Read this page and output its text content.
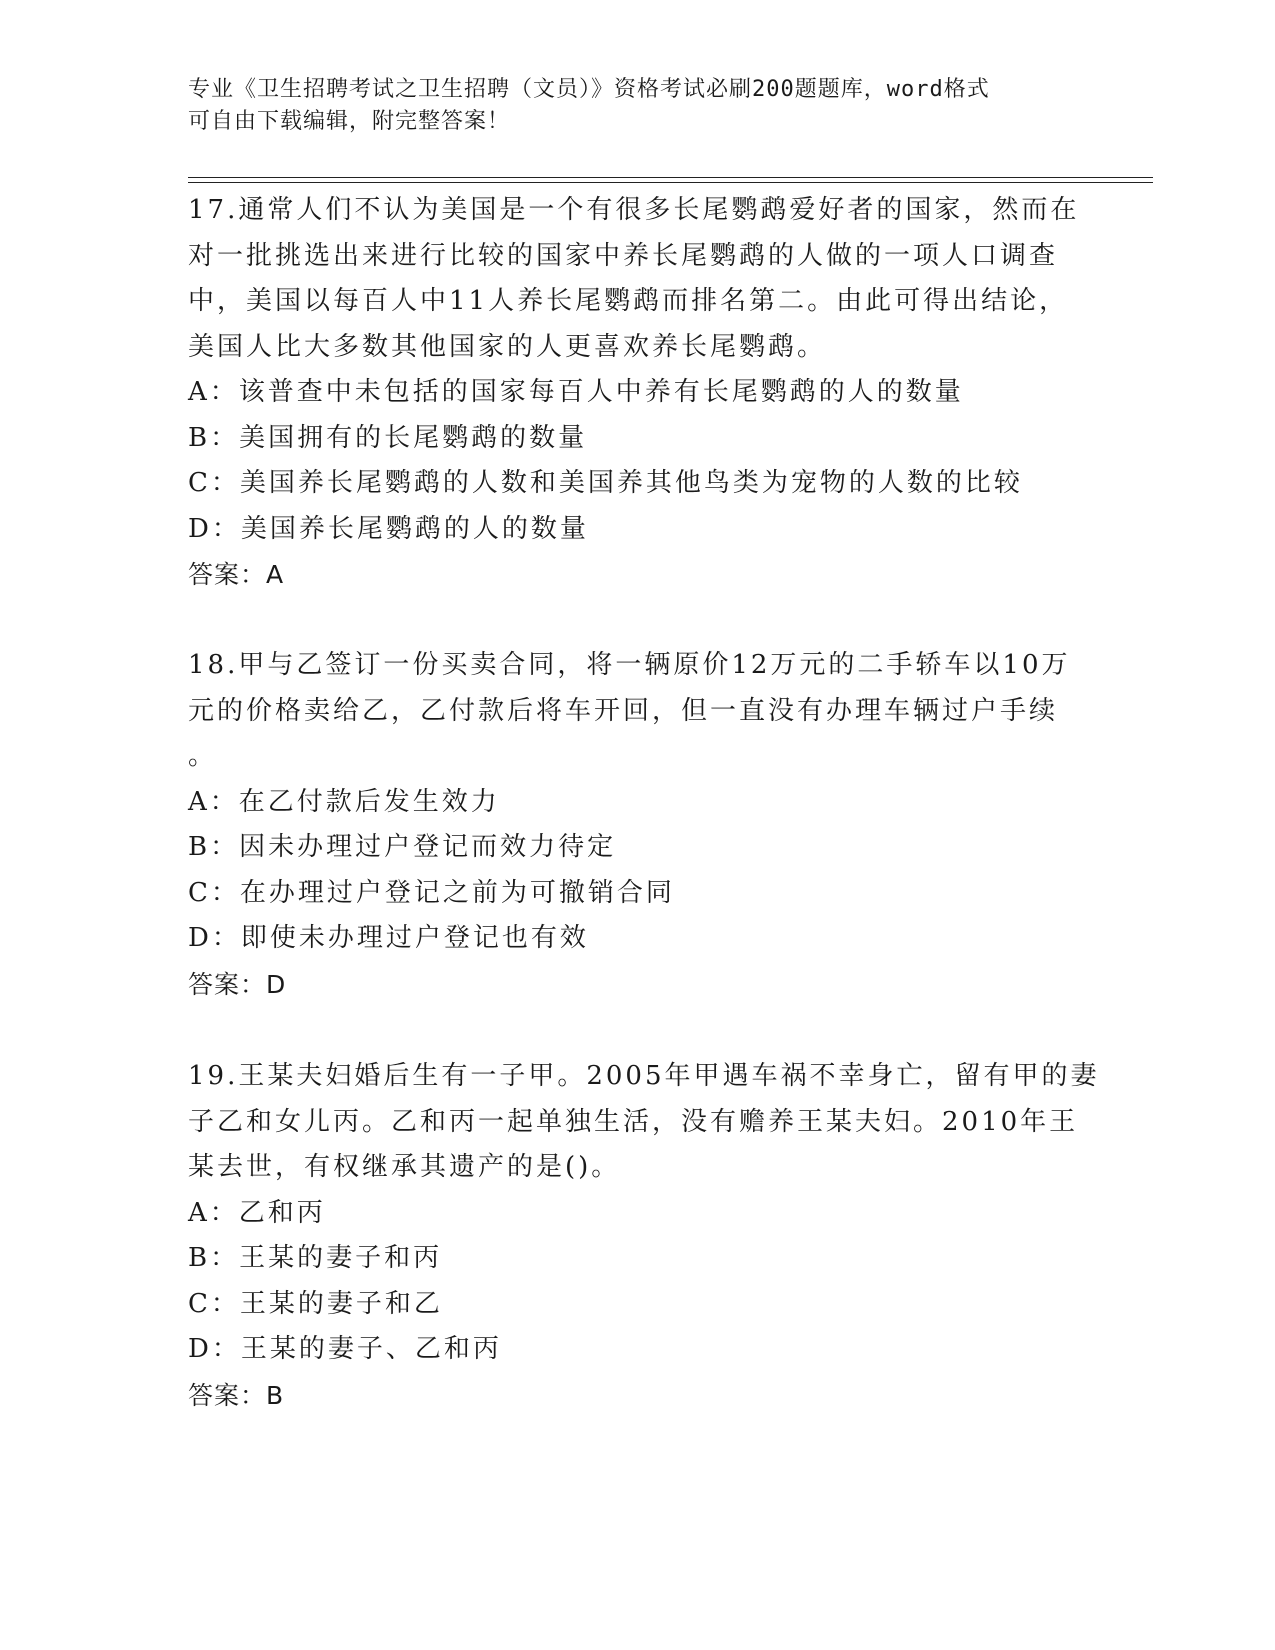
专业《卫生招聘考试之卫生招聘（文员）》资格考试必刷200题题库，word格式
可自由下载编辑，附完整答案！
17.通常人们不认为美国是一个有很多长尾鹦鹉爱好者的国家，然而在
对一批挑选出来进行比较的国家中养长尾鹦鹉的人做的一项人口调查
中，美国以每百人中11人养长尾鹦鹉而排名第二。由此可得出结论，
美国人比大多数其他国家的人更喜欢养长尾鹦鹉。
A：该普查中未包括的国家每百人中养有长尾鹦鹉的人的数量
B：美国拥有的长尾鹦鹉的数量
C：美国养长尾鹦鹉的人数和美国养其他鸟类为宠物的人数的比较
D：美国养长尾鹦鹉的人的数量
答案：A
18.甲与乙签订一份买卖合同，将一辆原价12万元的二手轿车以10万
元的价格卖给乙，乙付款后将车开回，但一直没有办理车辆过户手续
。
A：在乙付款后发生效力
B：因未办理过户登记而效力待定
C：在办理过户登记之前为可撤销合同
D：即使未办理过户登记也有效
答案：D
19.王某夫妇婚后生有一子甲。2005年甲遇车祸不幸身亡，留有甲的妻
子乙和女儿丙。乙和丙一起单独生活，没有赡养王某夫妇。2010年王
某去世，有权继承其遗产的是()。
A：乙和丙
B：王某的妻子和丙
C：王某的妻子和乙
D：王某的妻子、乙和丙
答案：B
